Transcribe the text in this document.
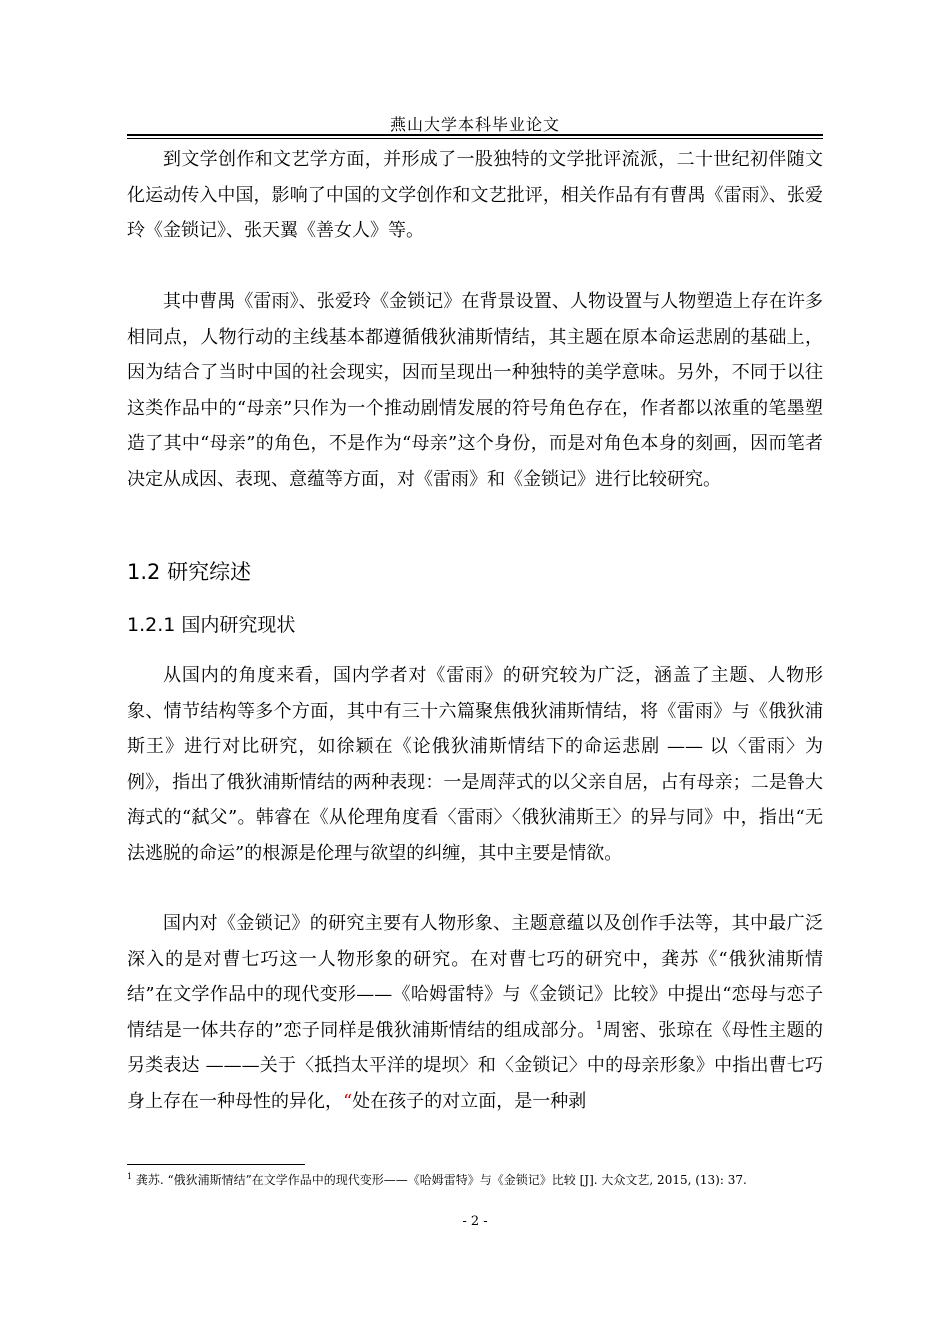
燕山大学本科毕业论文

到文学创作和文艺学方面，并形成了一股独特的文学批评流派，二十世纪初伴随文化运动传入中国，影响了中国的文学创作和文艺批评，相关作品有有曹禺《雷雨》、张爱玲《金锁记》、张天翼《善女人》等。

其中曹禺《雷雨》、张爱玲《金锁记》在背景设置、人物设置与人物塑造上存在许多相同点，人物行动的主线基本都遵循俄狄浦斯情结，其主题在原本命运悲剧的基础上，因为结合了当时中国的社会现实，因而呈现出一种独特的美学意味。另外，不同于以往这类作品中的“母亲”只作为一个推动剧情发展的符号角色存在，作者都以浓重的笔墨塑造了其中“母亲”的角色，不是作为“母亲”这个身份，而是对角色本身的刻画，因而笔者决定从成因、表现、意蕴等方面，对《雷雨》和《金锁记》进行比较研究。

1.2 研究综述
1.2.1 国内研究现状

从国内的角度来看，国内学者对《雷雨》的研究较为广泛，涵盖了主题、人物形象、情节结构等多个方面，其中有三十六篇聚焦俄狄浦斯情结，将《雷雨》与《俄狄浦斯王》进行对比研究，如徐颖在《论俄狄浦斯情结下的命运悲剧 —— 以〈雷雨〉为例》，指出了俄狄浦斯情结的两种表现：一是周萍式的以父亲自居，占有母亲；二是鲁大海式的“弑父”。韩睿在《从伦理角度看〈雷雨〉〈俄狄浦斯王〉的异与同》中，指出“无法逃脱的命运”的根源是伦理与欲望的纠缠，其中主要是情欲。

国内对《金锁记》的研究主要有人物形象、主题意蕴以及创作手法等，其中最广泛深入的是对曹七巧这一人物形象的研究。在对曹七巧的研究中，龚苏《“俄狄浦斯情结”在文学作品中的现代变形——《哈姆雷特》与《金锁记》比较》中提出“恋母与恋子情结是一体共存的”恋子同样是俄狄浦斯情结的组成部分。$^1$周密、张琼在《母性主题的另类表达 ———关于〈抵挡太平洋的堤坝〉和〈金锁记〉中的母亲形象》中指出曹七巧身上存在一种母性的异化，“处在孩子的对立面，是一种剥

$^1$ 龚苏. “俄狄浦斯情结”在文学作品中的现代变形——《哈姆雷特》与《金锁记》比较 [J]. 大众文艺, 2015, (13): 37.

- 2 -
